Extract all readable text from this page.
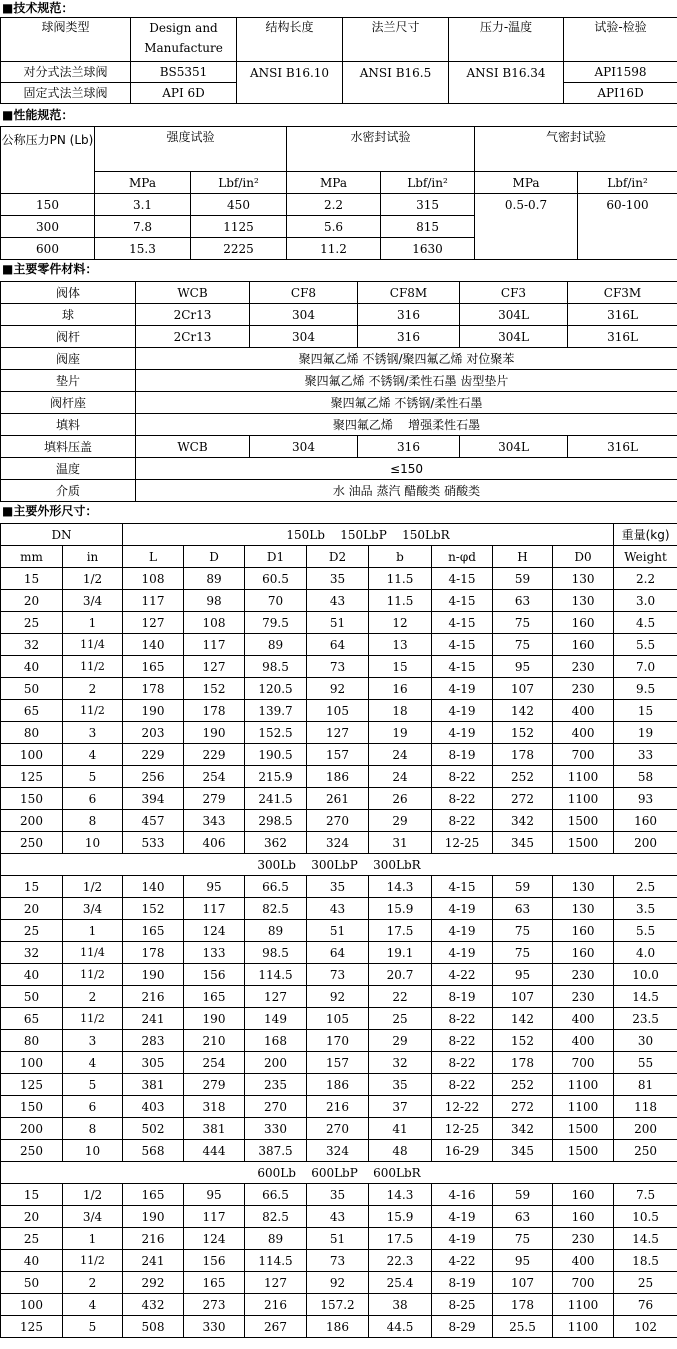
■技术规范：
球阀类型	Design and Manufacture	结构长度	法兰尺寸	压力-温度	试验-检验
对分式法兰球阀	BS5351	ANSI B16.10	ANSI B16.5	ANSI B16.34	API1598
固定式法兰球阀	API 6D				API16D
■性能规范：
公称压力PN (Lb)	强度试验		水密封试验		气密封试验	
	MPa	Lbf/in²	MPa	Lbf/in²	MPa	Lbf/in²
150	3.1	450	2.2	315	0.5-0.7	60-100
300	7.8	1125	5.6	815		
600	15.3	2225	11.2	1630		
■主要零件材料：
阀体	WCB	CF8	CF8M	CF3	CF3M
球	2Cr13	304	316	304L	316L
阀杆	2Cr13	304	316	304L	316L
阀座	聚四氟乙烯 不锈钢/聚四氟乙烯 对位聚苯				
垫片	聚四氟乙烯 不锈钢/柔性石墨 齿型垫片				
阀杆座	聚四氟乙烯 不锈钢/柔性石墨				
填料	聚四氟乙烯    增强柔性石墨				
填料压盖	WCB	304	316	304L	316L
温度	≤150				
介质	水 油品 蒸汽 醋酸类 硝酸类				
■主要外形尺寸：
DN		150Lb    150LbP    150LbR								重量(kg)
mm	in	L	D	D1	D2	b	n-φd	H	D0	Weight
15	1/2	108	89	60.5	35	11.5	4-15	59	130	2.2
20	3/4	117	98	70	43	11.5	4-15	63	130	3.0
25	1	127	108	79.5	51	12	4-15	75	160	4.5
32	11/4	140	117	89	64	13	4-15	75	160	5.5
40	11/2	165	127	98.5	73	15	4-15	95	230	7.0
50	2	178	152	120.5	92	16	4-19	107	230	9.5
65	11/2	190	178	139.7	105	18	4-19	142	400	15
80	3	203	190	152.5	127	19	4-19	152	400	19
100	4	229	229	190.5	157	24	8-19	178	700	33
125	5	256	254	215.9	186	24	8-22	252	1100	58
150	6	394	279	241.5	261	26	8-22	272	1100	93
200	8	457	343	298.5	270	29	8-22	342	1500	160
250	10	533	406	362	324	31	12-25	345	1500	200
300Lb    300LbP    300LbR										
15	1/2	140	95	66.5	35	14.3	4-15	59	130	2.5
20	3/4	152	117	82.5	43	15.9	4-19	63	130	3.5
25	1	165	124	89	51	17.5	4-19	75	160	5.5
32	11/4	178	133	98.5	64	19.1	4-19	75	160	4.0
40	11/2	190	156	114.5	73	20.7	4-22	95	230	10.0
50	2	216	165	127	92	22	8-19	107	230	14.5
65	11/2	241	190	149	105	25	8-22	142	400	23.5
80	3	283	210	168	170	29	8-22	152	400	30
100	4	305	254	200	157	32	8-22	178	700	55
125	5	381	279	235	186	35	8-22	252	1100	81
150	6	403	318	270	216	37	12-22	272	1100	118
200	8	502	381	330	270	41	12-25	342	1500	200
250	10	568	444	387.5	324	48	16-29	345	1500	250
600Lb    600LbP    600LbR										
15	1/2	165	95	66.5	35	14.3	4-16	59	160	7.5
20	3/4	190	117	82.5	43	15.9	4-19	63	160	10.5
25	1	216	124	89	51	17.5	4-19	75	230	14.5
40	11/2	241	156	114.5	73	22.3	4-22	95	400	18.5
50	2	292	165	127	92	25.4	8-19	107	700	25
100	4	432	273	216	157.2	38	8-25	178	1100	76
125	5	508	330	267	186	44.5	8-29	25.5	1100	102
